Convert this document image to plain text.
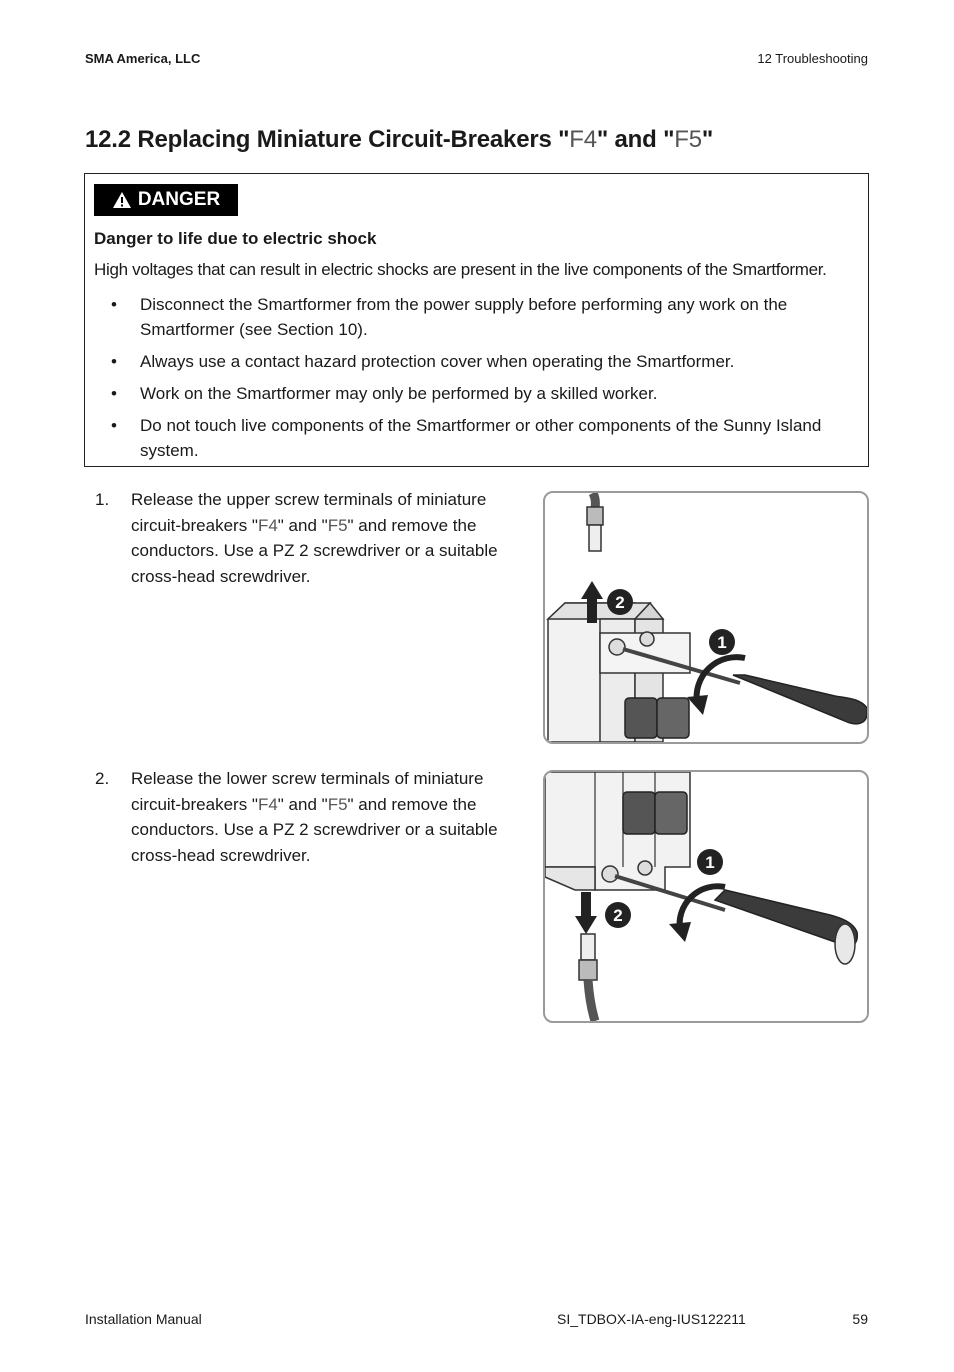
SMA America, LLC	12 Troubleshooting
12.2 Replacing Miniature Circuit-Breakers "F4" and "F5"
DANGER
Danger to life due to electric shock
High voltages that can result in electric shocks are present in the live components of the Smartformer.
• Disconnect the Smartformer from the power supply before performing any work on the Smartformer (see Section 10).
• Always use a contact hazard protection cover when operating the Smartformer.
• Work on the Smartformer may only be performed by a skilled worker.
• Do not touch live components of the Smartformer or other components of the Sunny Island system.
1. Release the upper screw terminals of miniature circuit-breakers "F4" and "F5" and remove the conductors. Use a PZ 2 screwdriver or a suitable cross-head screwdriver.
1
2
2. Release the lower screw terminals of miniature circuit-breakers "F4" and "F5" and remove the conductors. Use a PZ 2 screwdriver or a suitable cross-head screwdriver.	1
2
Installation Manual	SI_TDBOX-IA-eng-IUS122211	59
